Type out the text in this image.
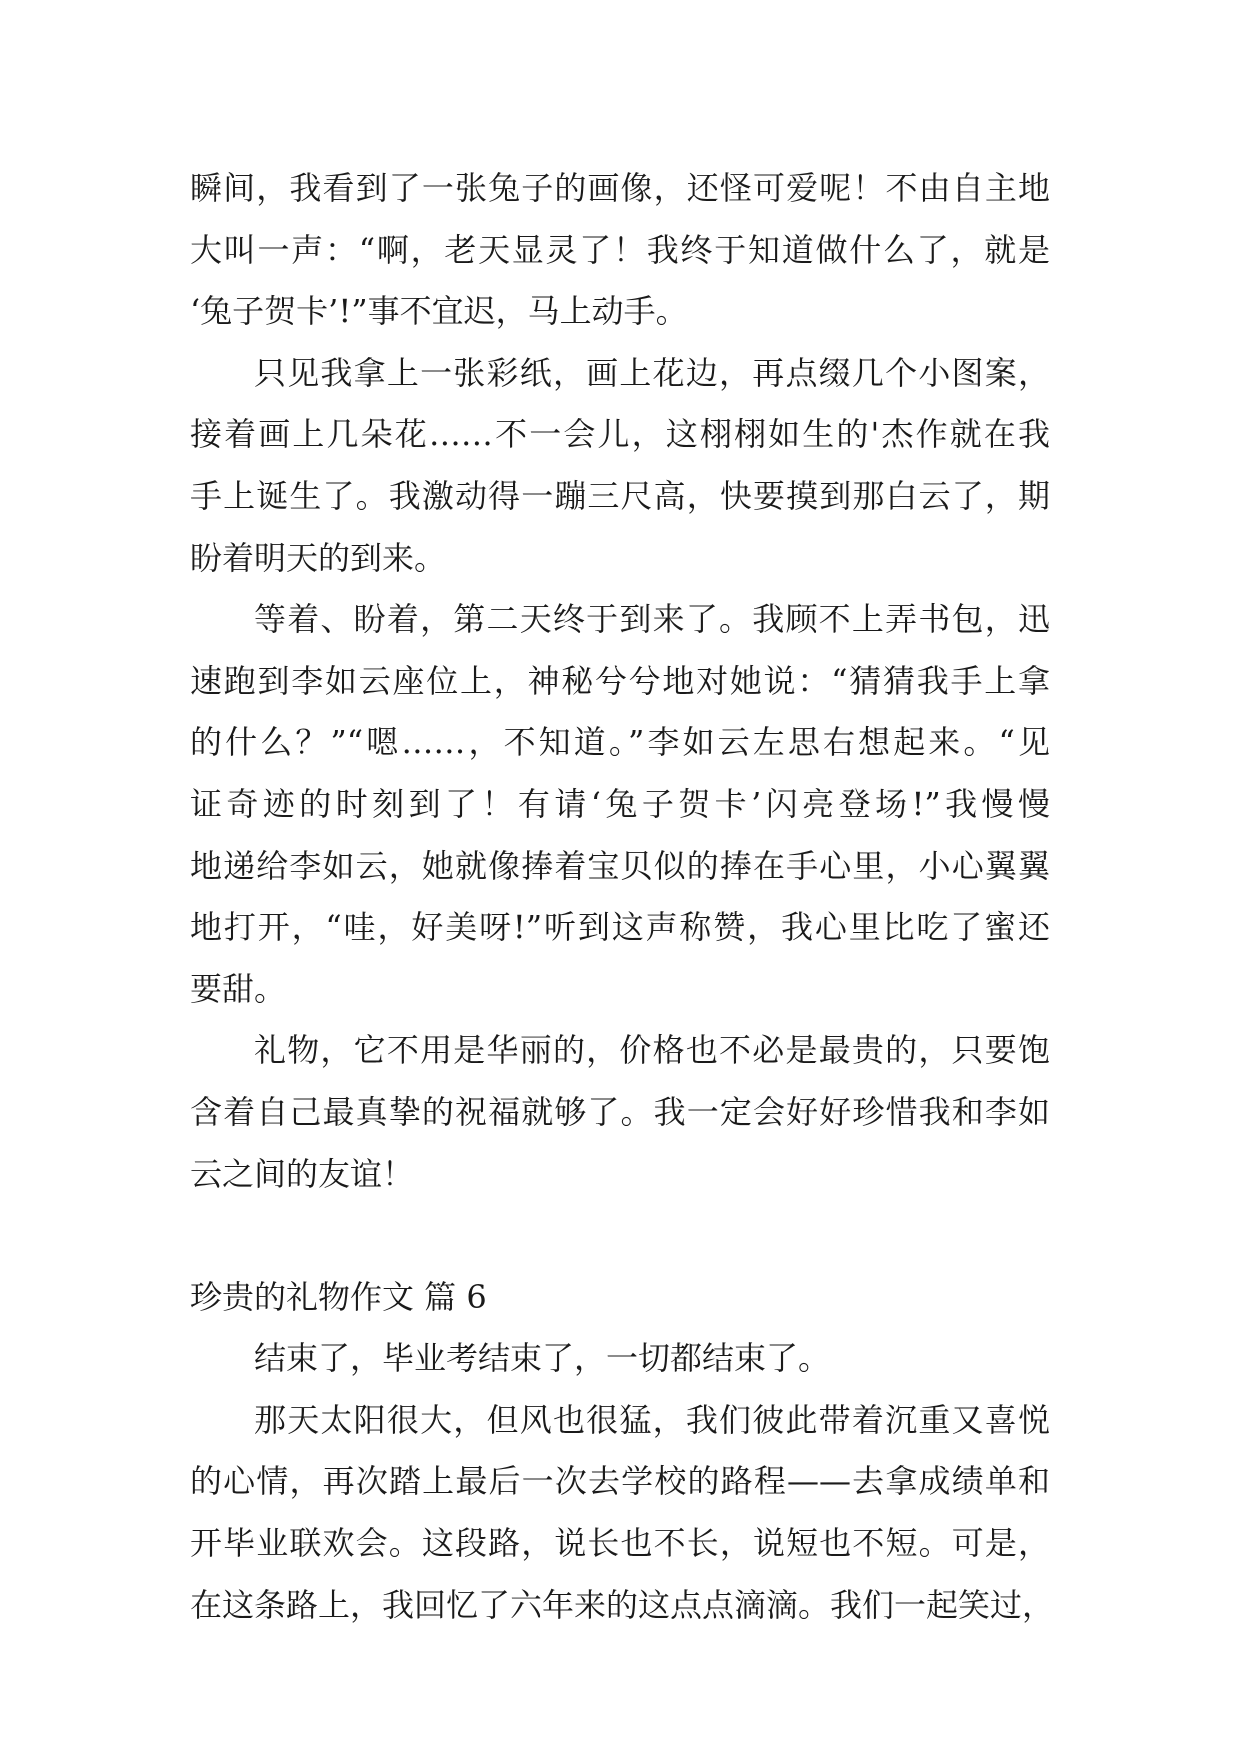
瞬间，我看到了一张兔子的画像，还怪可爱呢！不由自主地
大叫一声：“啊，老天显灵了！我终于知道做什么了，就是
‘兔子贺卡’!”事不宜迟，马上动手。
只见我拿上一张彩纸，画上花边，再点缀几个小图案，
接着画上几朵花……不一会儿，这栩栩如生的'杰作就在我
手上诞生了。我激动得一蹦三尺高，快要摸到那白云了，期
盼着明天的到来。
等着、盼着，第二天终于到来了。我顾不上弄书包，迅
速跑到李如云座位上，神秘兮兮地对她说：“猜猜我手上拿
的什么？”“嗯……，不知道。”李如云左思右想起来。“见
证奇迹的时刻到了！有请‘兔子贺卡’闪亮登场!”我慢慢
地递给李如云，她就像捧着宝贝似的捧在手心里，小心翼翼
地打开，“哇，好美呀!”听到这声称赞，我心里比吃了蜜还
要甜。
礼物，它不用是华丽的，价格也不必是最贵的，只要饱
含着自己最真挚的祝福就够了。我一定会好好珍惜我和李如
云之间的友谊！
珍贵的礼物作文 篇 6
结束了，毕业考结束了，一切都结束了。
那天太阳很大，但风也很猛，我们彼此带着沉重又喜悦
的心情，再次踏上最后一次去学校的路程——去拿成绩单和
开毕业联欢会。这段路，说长也不长，说短也不短。可是，
在这条路上，我回忆了六年来的这点点滴滴。我们一起笑过，
